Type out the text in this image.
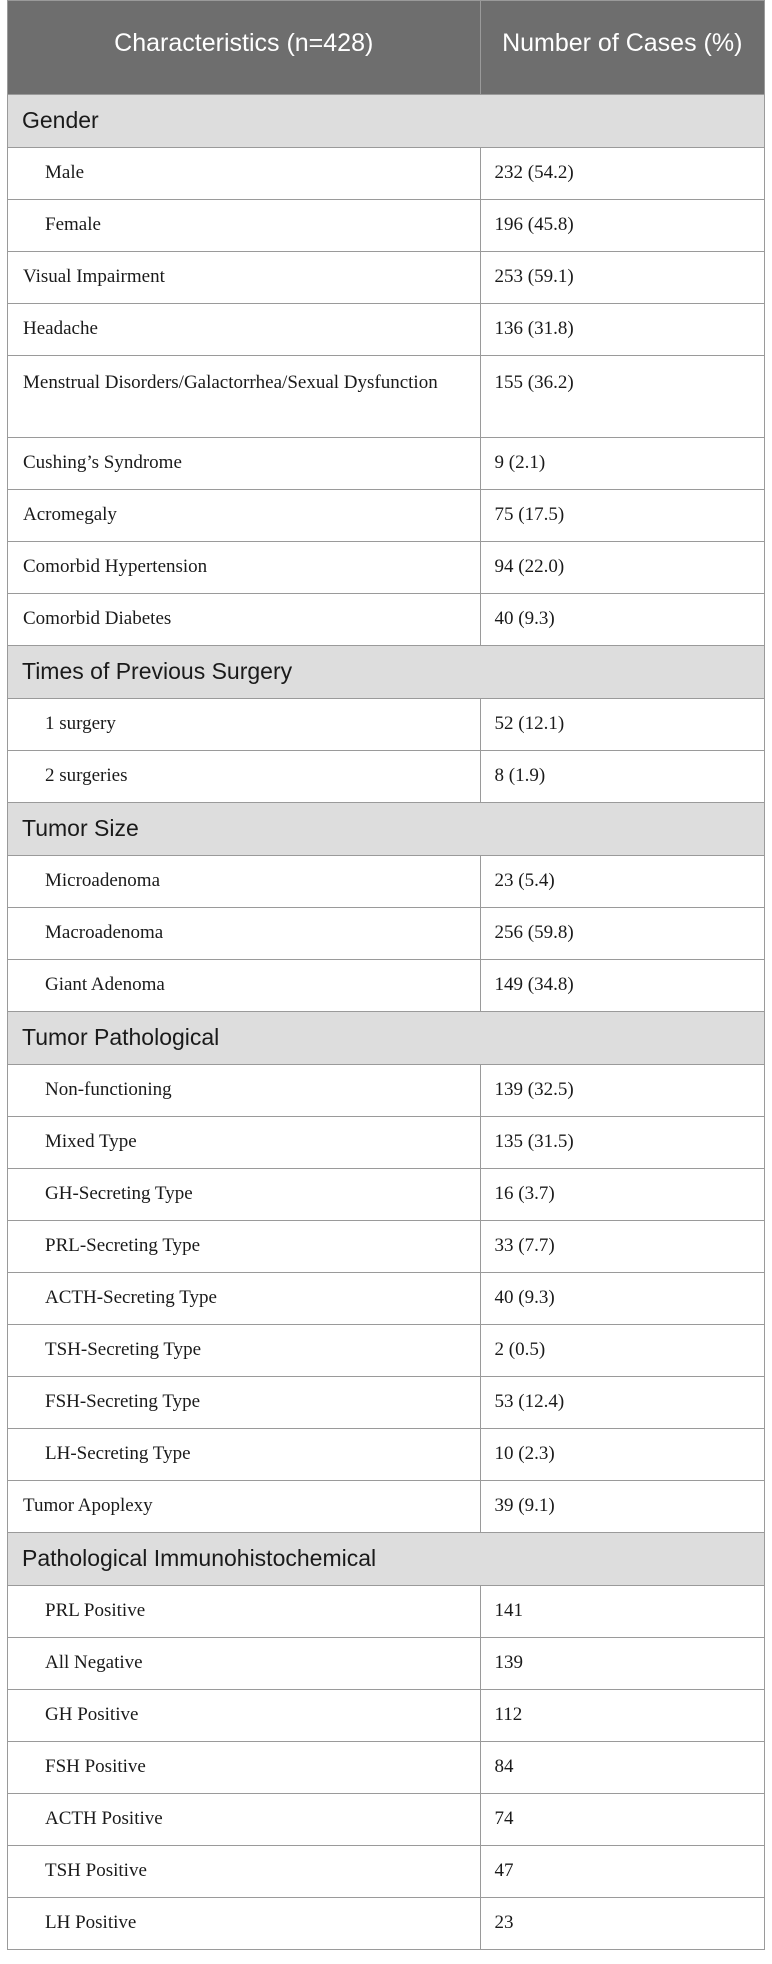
Characteristics (n=428)	Number of Cases (%)
Gender	
Male	232 (54.2)
Female	196 (45.8)
Visual Impairment	253 (59.1)
Headache	136 (31.8)
Menstrual Disorders/Galactorrhea/Sexual Dysfunction	155 (36.2)
Cushing’s Syndrome	9 (2.1)
Acromegaly	75 (17.5)
Comorbid Hypertension	94 (22.0)
Comorbid Diabetes	40 (9.3)
Times of Previous Surgery	
1 surgery	52 (12.1)
2 surgeries	8 (1.9)
Tumor Size	
Microadenoma	23 (5.4)
Macroadenoma	256 (59.8)
Giant Adenoma	149 (34.8)
Tumor Pathological	
Non-functioning	139 (32.5)
Mixed Type	135 (31.5)
GH-Secreting Type	16 (3.7)
PRL-Secreting Type	33 (7.7)
ACTH-Secreting Type	40 (9.3)
TSH-Secreting Type	2 (0.5)
FSH-Secreting Type	53 (12.4)
LH-Secreting Type	10 (2.3)
Tumor Apoplexy	39 (9.1)
Pathological Immunohistochemical	
PRL Positive	141
All Negative	139
GH Positive	112
FSH Positive	84
ACTH Positive	74
TSH Positive	47
LH Positive	23
